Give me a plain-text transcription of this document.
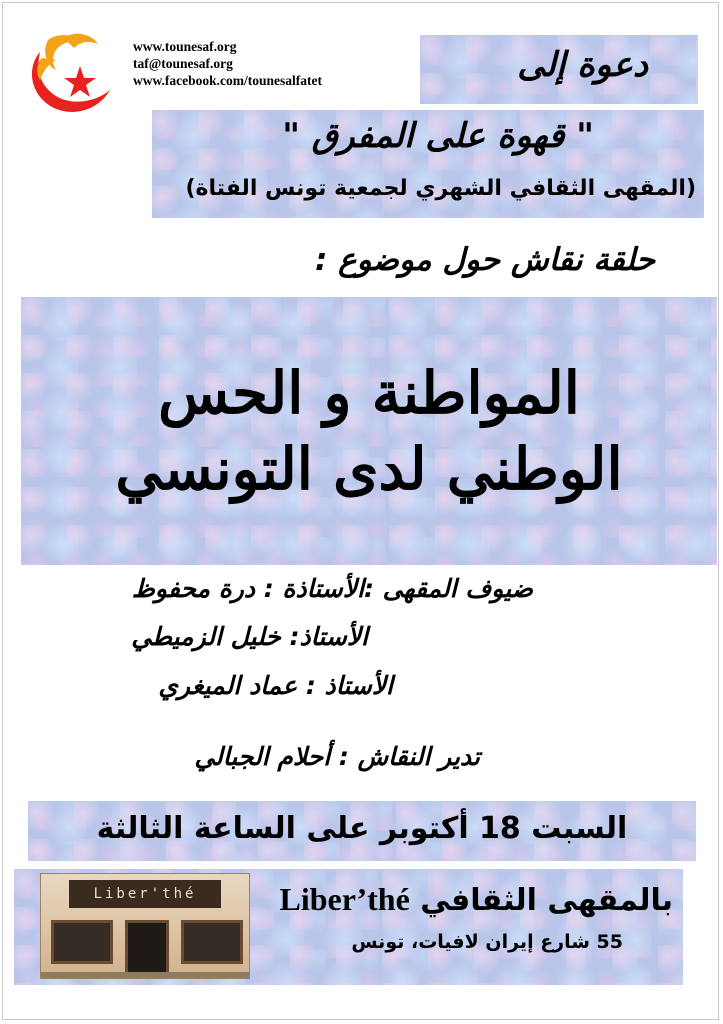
www.tounesaf.org
taf@tounesaf.org
www.facebook.com/tounesalfatet	دعوة إلى
" قهوة على المفرق "
(المقهى الثقافي الشهري لجمعية تونس الفتاة)
حلقة نقاش حول موضوع :
المواطنة و الحس الوطني لدى التونسي
ضيوف المقهى :الأستاذة : درة محفوظ
الأستاذ: خليل الزميطي
الأستاذ : عماد الميغري
تدير النقاش : أحلام الجبالي
السبت 18 أكتوبر على الساعة الثالثة
Liber'thé	بالمقهى الثقافي Liber’thé
55 شارع إيران لافيات، تونس
